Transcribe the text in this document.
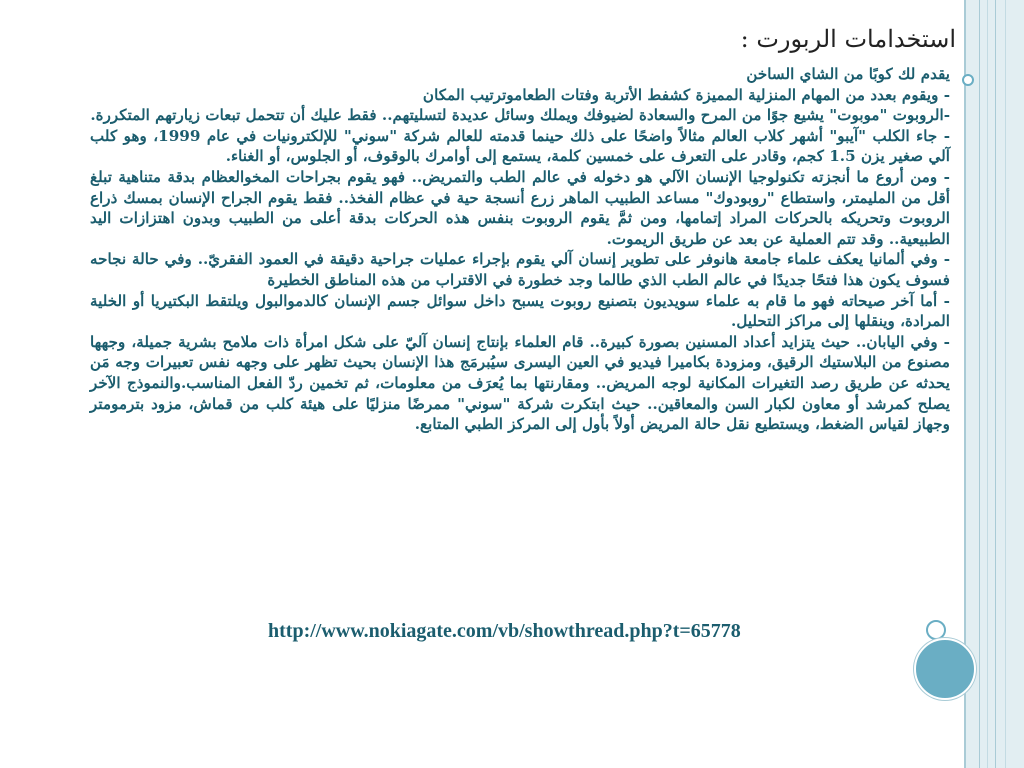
استخدامات الربورت :

يقدم لك كوبًا من الشاي الساخن

- ويقوم بعدد من المهام المنزلية المميزة كشفط الأتربة وفتات الطعاموترتيب المكان

-الروبوت "موبوت" يشيع جوًا من المرح والسعادة لضيوفك ويملك وسائل عديدة لتسليتهم.. فقط عليك أن تتحمل تبعات زيارتهم المتكررة.

- جاء الكلب "آيبو" أشهر كلاب العالم مثالاً واضحًا على ذلك حينما قدمته للعالم شركة "سوني" للإلكترونيات في عام 1999، وهو كلب آلي صغير يزن 1.5 كجم، وقادر على التعرف على خمسين كلمة، يستمع إلى أوامرك بالوقوف، أو الجلوس، أو الغناء.

- ومن أروع ما أنجزته تكنولوجيا الإنسان الآلي هو دخوله في عالم الطب والتمريض.. فهو يقوم بجراحات المخوالعظام بدقة متناهية تبلغ أقل من المليمتر، واستطاع "روبودوك" مساعد الطبيب الماهر زرع أنسجة حية في عظام الفخذ.. فقط يقوم الجراح الإنسان بمسك ذراع الروبوت وتحريكه بالحركات المراد إتمامها، ومن ثمَّ يقوم الروبوت بنفس هذه الحركات بدقة أعلى من الطبيب وبدون اهتزازات اليد الطبيعية.. وقد تتم العملية عن بعد عن طريق الريموت.

- وفي ألمانيا يعكف علماء جامعة هانوفر على تطوير إنسان آلي يقوم بإجراء عمليات جراحية دقيقة في العمود الفقريّ.. وفي حالة نجاحه فسوف يكون هذا فتحًا جديدًا في عالم الطب الذي طالما وجد خطورة في الاقتراب من هذه المناطق الخطيرة

- أما آخر صيحاته فهو ما قام به علماء سويديون بتصنيع روبوت يسبح داخل سوائل جسم الإنسان كالدموالبول ويلتقط البكتيريا أو الخلية المرادة، وينقلها إلى مراكز التحليل.

- وفي اليابان.. حيث يتزايد أعداد المسنين بصورة كبيرة.. قام العلماء بإنتاج إنسان آليّ على شكل امرأة ذات ملامح بشرية جميلة، وجهها مصنوع من البلاستيك الرقيق، ومزودة بكاميرا فيديو في العين اليسرى سيُبرمَج هذا الإنسان بحيث تظهر على وجهه نفس تعبيرات وجه مَن يحدثه عن طريق رصد التغيرات المكانية لوجه المريض.. ومقارنتها بما يُعرَف من معلومات، ثم تخمين ردّ الفعل المناسب.والنموذج الآخر يصلح كمرشد أو معاون لكبار السن والمعاقين.. حيث ابتكرت شركة "سوني" ممرضًا منزليًا على هيئة كلب من قماش، مزود بترمومتر وجهاز لقياس الضغط، ويستطيع نقل حالة المريض أولاً بأول إلى المركز الطبي المتابع.

http://www.nokiagate.com/vb/showthread.php?t=65778
